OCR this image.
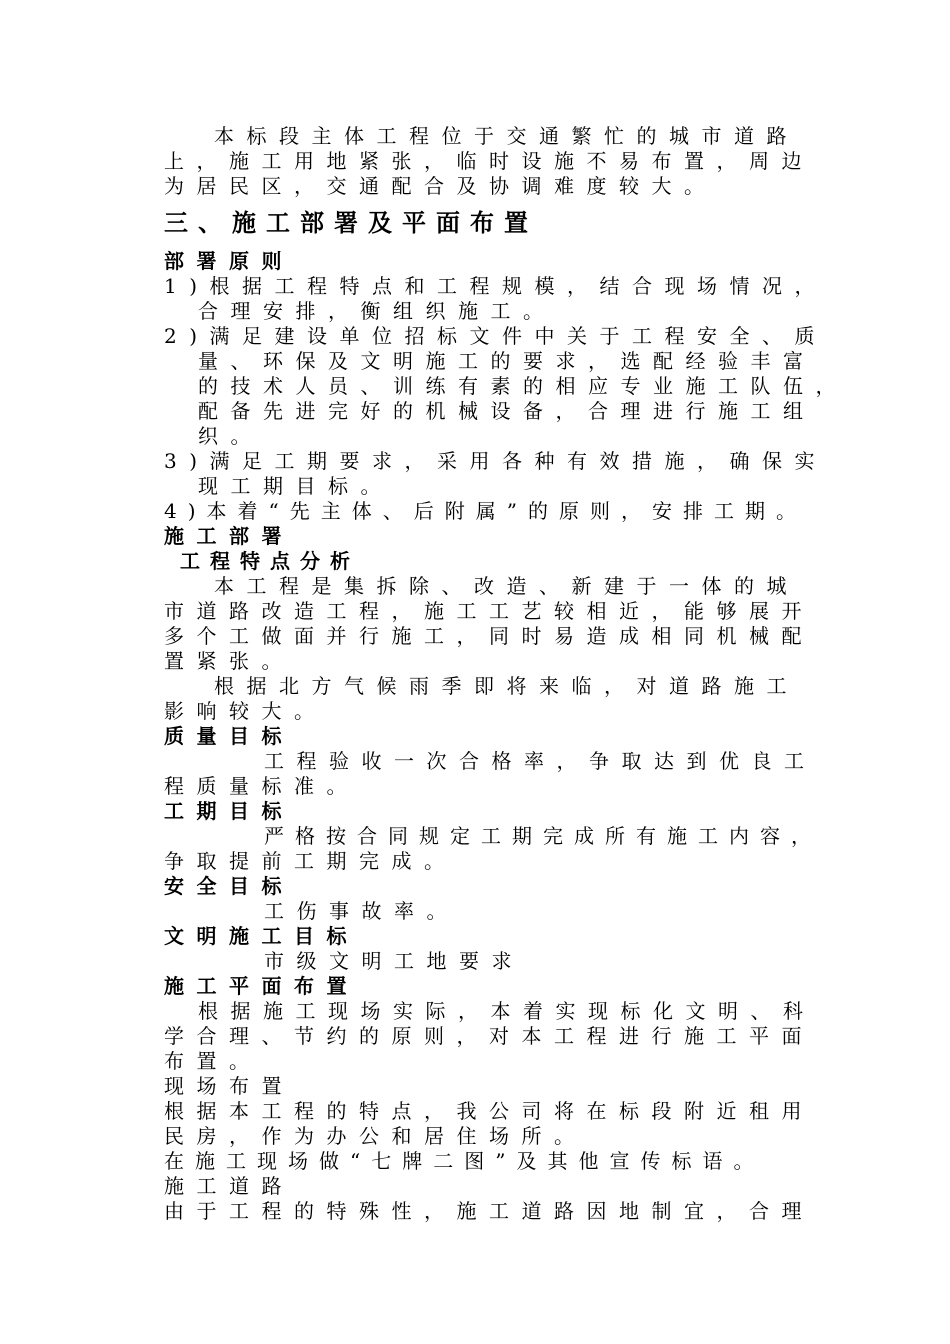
本标段主体工程位于交通繁忙的城市道路
上，施工用地紧张，临时设施不易布置，周边
为居民区，交通配合及协调难度较大。
三、施工部署及平面布置
部署原则
1)根据工程特点和工程规模，结合现场情况，
合理安排，衡组织施工。
2)满足建设单位招标文件中关于工程安全、质
量、环保及文明施工的要求，选配经验丰富
的技术人员、训练有素的相应专业施工队伍，
配备先进完好的机械设备，合理进行施工组
织。
3)满足工期要求，采用各种有效措施，确保实
现工期目标。
4)本着“先主体、后附属”的原则，安排工期。
施工部署
工程特点分析
本工程是集拆除、改造、新建于一体的城
市道路改造工程，施工工艺较相近，能够展开
多个工做面并行施工，同时易造成相同机械配
置紧张。
根据北方气候雨季即将来临，对道路施工
影响较大。
质量目标
工程验收一次合格率，争取达到优良工
程质量标准。
工期目标
严格按合同规定工期完成所有施工内容，
争取提前工期完成。
安全目标
工伤事故率。
文明施工目标
市级文明工地要求
施工平面布置
根据施工现场实际，本着实现标化文明、科
学合理、节约的原则，对本工程进行施工平面
布置。
现场布置
根据本工程的特点，我公司将在标段附近租用
民房，作为办公和居住场所。
在施工现场做“七牌二图”及其他宣传标语。
施工道路
由于工程的特殊性，施工道路因地制宜，合理
